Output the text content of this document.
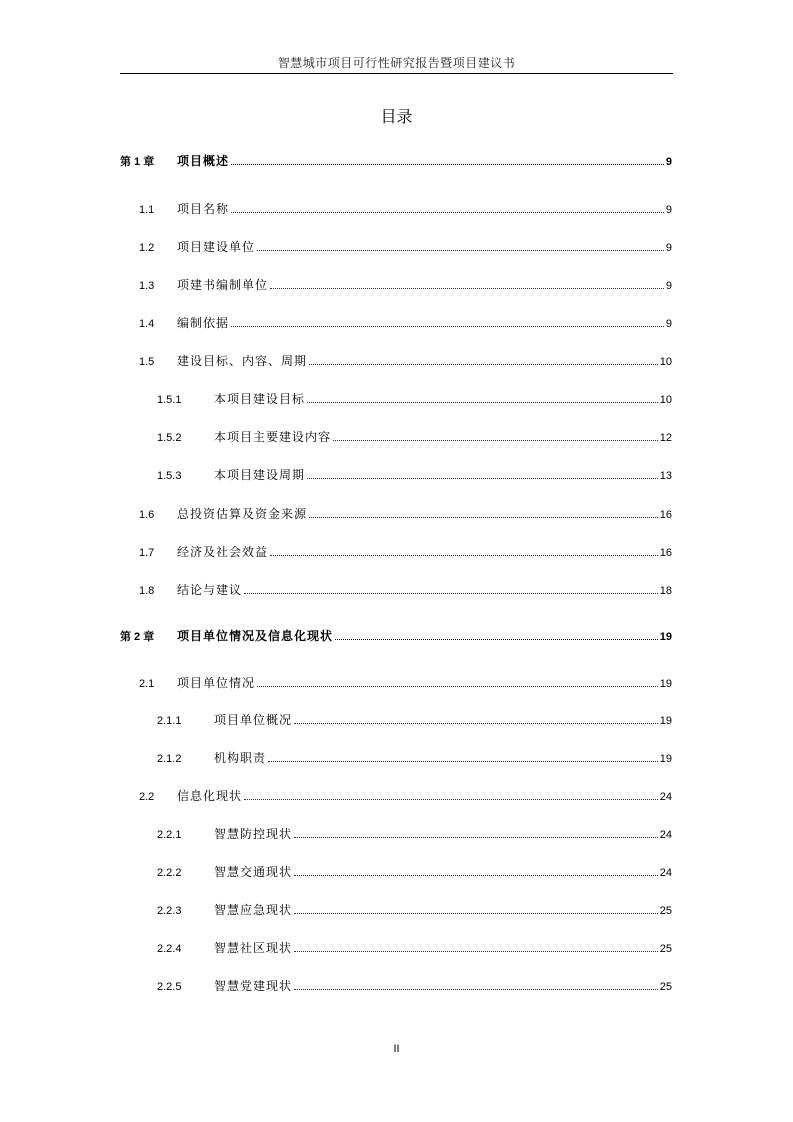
智慧城市项目可行性研究报告暨项目建议书
目录
第 1 章	项目概述	9
1.1	项目名称	9
1.2	项目建设单位	9
1.3	项建书编制单位	9
1.4	编制依据	9
1.5	建设目标、内容、周期	10
1.5.1	本项目建设目标	10
1.5.2	本项目主要建设内容	12
1.5.3	本项目建设周期	13
1.6	总投资估算及资金来源	16
1.7	经济及社会效益	16
1.8	结论与建议	18
第 2 章	项目单位情况及信息化现状	19
2.1	项目单位情况	19
2.1.1	项目单位概况	19
2.1.2	机构职责	19
2.2	信息化现状	24
2.2.1	智慧防控现状	24
2.2.2	智慧交通现状	24
2.2.3	智慧应急现状	25
2.2.4	智慧社区现状	25
2.2.5	智慧党建现状	25
II
